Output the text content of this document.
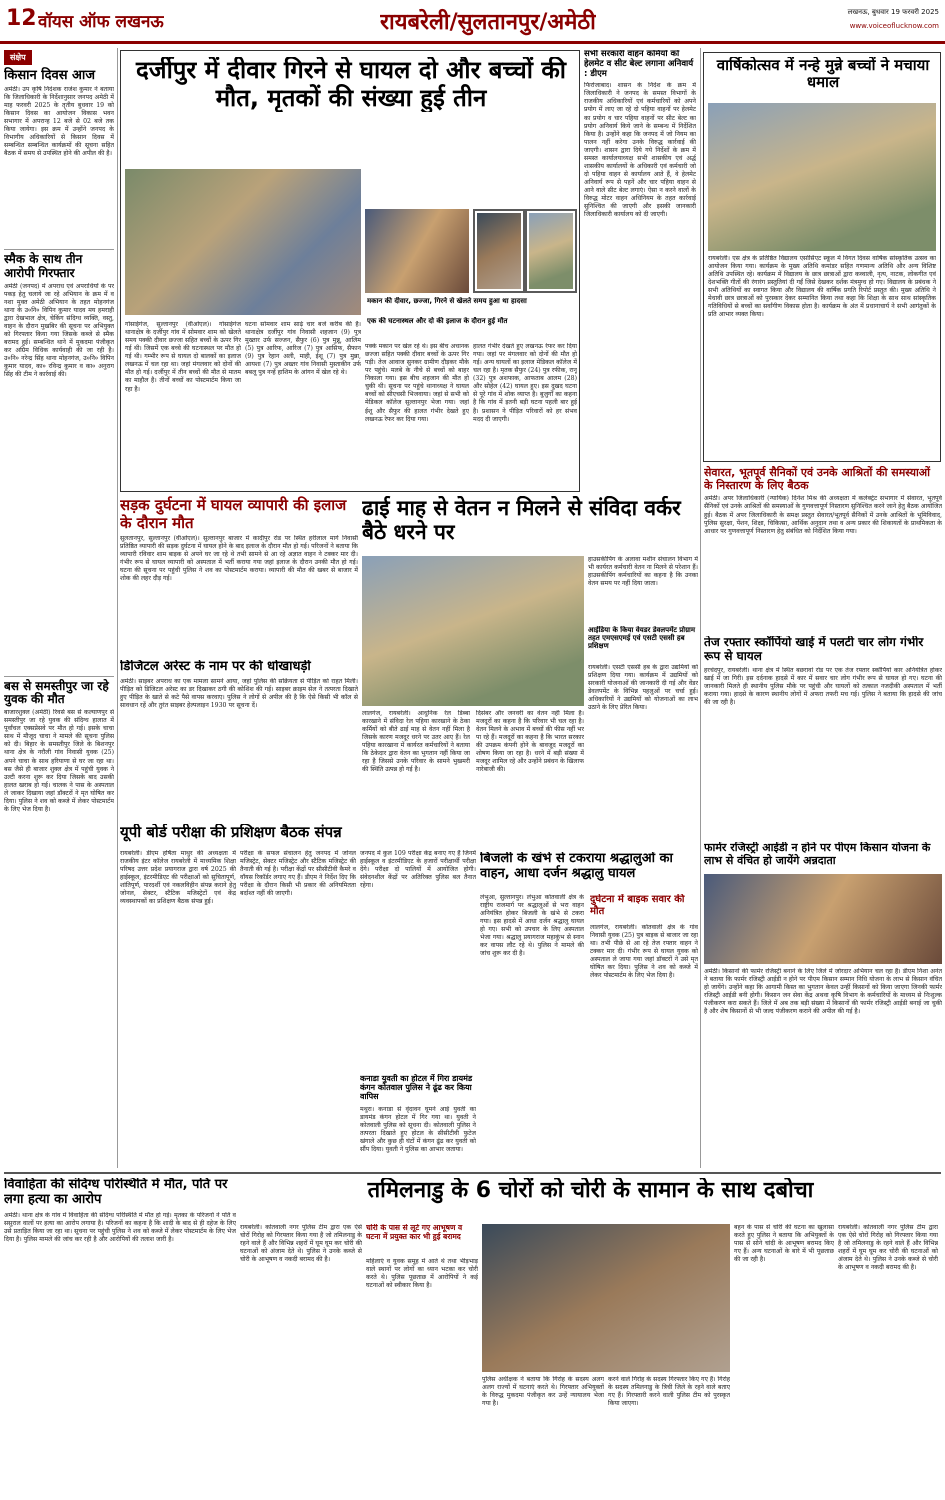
12 वॉयस ऑफ लखनऊ	रायबरेली/सुलतानपुर/अमेठी	लखनऊ, बुधवार 19 फरवरी 2025
www.voiceoflucknow.com
संक्षेप
किसान दिवस आज
अमेठी। उप कृषि निदेशक राजेश कुमार ने बताया कि जिलाधिकारी के निर्देशानुसार जनपद अमेठी में माह फरवरी 2025 के तृतीय बुधवार 19 को किसान दिवस का आयोजन विकास भवन सभागार में अपरान्ह 12 बजे से 02 बजे तक किया जायेगा। इस क्रम में उन्होंने जनपद के विभागीय अधिकारियों से किसान दिवस में सम्बन्धित सम्बन्धित कार्यक्रमों की सूचना सहित बैठक में समय से उपस्थित होने की अपील की है।
स्मैक के साथ तीन आरोपी गिरफ्तार
अमेठी (जनपद) में अपराध एवं अपराधियों के पर पकड़ हेतु चलाये जा रहे अभियान के क्रम में व नशा मुक्त अमेठी अभियान के तहत मोहनगंज थाना के उ०नि० विपिन कुमार यादव मय हमराही द्वारा देखभाल क्षेत्र, चेकिंग संदिग्ध व्यक्ति, वस्तु, वाहन के दौरान मुखबिर की सूचना पर अभियुक्त को गिरफ्तार किया गया जिसके कब्जे से स्मैक बरामद हुई। सम्बन्धित थाने में मुकदमा पंजीकृत कर अग्रिम विधिक कार्यवाही की जा रही है। उ०नि० नरेन्द्र सिंह थाना मोहनगंज, उ०नि० विपिन कुमार यादव, का० रविन्द्र कुमार व का० अनुराग सिंह की टीम ने कार्रवाई की।
बस से समस्तीपुर जा रहे युवक की मौत
बाजारशुक्ल (अमेठी) रिवर्स बस से कल्याणपुर से समस्तीपुर जा रहे युवक की संदिग्ध हालात में पूर्वांचल एक्सप्रेसवे पर मौत हो गई। इसके चाचा साथ में मौजूद चाचा ने मामले की सूचना पुलिस को दी। बिहार के समस्तीपुर जिले के बिशनपुर थाना क्षेत्र के नरौली गांव निवासी युवक (25) अपने चाचा के साथ हरियाणा से घर जा रहा था। बस जैसे ही बाजार शुक्ल क्षेत्र में पहुंची युवक ने उल्टी करना शुरू कर दिया जिसके बाद उसकी हालत खराब हो गई। चालक ने पास के अस्पताल ले जाकर दिखाया जहां डॉक्टरों ने मृत घोषित कर दिया। पुलिस ने शव को कब्जे में लेकर पोस्टमार्टम के लिए भेज दिया है।
दर्जीपुर में दीवार गिरने से घायल दो और बच्चों की मौत, मृतकों की संख्या हुई तीन
मकान की दीवार, छज्जा, गिरने से खेलते समय हुआ था हादसा
एक की घटनास्थल और दो की इलाज के दौरान हुई मौत
गोसाईगंज, सुल्तानपुर (वीओएल)। गोसाईगंज थानाक्षेत्र के दर्जीपुर गांव में सोमवार शाम को खेलते समय पक्की दीवार छज्जा सहित बच्चों के ऊपर गिर गई थी। जिसमें एक बच्चे की घटनास्थल पर मौत हो गई थी। गम्भीर रूप से घायल दो बालकों का इलाज लखनऊ में चल रहा था। जहां मंगलवार को दोनों की मौत हो गई। दर्जीपुर में तीन बच्चों की मौत से मातम का माहौल है। तीनों बच्चों का पोस्टमार्टम किया जा रहा है।
घटना सोमवार शाम साढ़े चार बजे करीब की है। थानाक्षेत्र दर्जीपुर गांव निवासी शहजान (9) पुत्र मुख्तार उर्फ सज्जन, सैफुर (6) पुत्र मुन्नू, आलिम (5) पुत्र आरिफ, आरिज (7) पुत्र आसिफ, सैफान (9) पुत्र रेहान अली, माही, ईशू (7) पुत्र मुन्ना, आयशा (7) पुत्र अख्तर गांव निवासी मुस्ताकीन उर्फ बबलू पुत्र नन्हें हाशिम के आंगन में खेल रहे थे।
पक्के मकान पर खेल रहे थे। इस बीच अचानक छज्जा सहित पक्की दीवार बच्चों के ऊपर गिर पड़ी। तेज आवाज सुनकर ग्रामीण दौड़कर मौके पर पहुंचे। मलबे के नीचे से बच्चों को बाहर निकाला गया। इस बीच शहजान की मौत हो चुकी थी। सूचना पर पहुंचे थानाध्यक्ष ने घायल बच्चों को सीएचसी भिजवाया। जहां से सभी को मेडिकल कॉलेज सुल्तानपुर भेजा गया। जहां ईशू और सैफुर की हालत गंभीर देखते हुए लखनऊ रेफर कर दिया गया।
हालत गंभीर देखते हुए लखनऊ रेफर कर दिया गया। जहां पर मंगलवार को दोनों की मौत हो गई। अन्य घायलों का इलाज मेडिकल कॉलेज में चल रहा है। मृतक सैफुर (24) पुत्र रफीक, रानू (32) पुत्र अशफाक, आफताब आलम (28) और सोहेल (42) घायल हुए। इस दुखद घटना से पूरे गांव में शोक व्याप्त है। बुजुर्गों का कहना है कि गांव में इतनी बड़ी घटना पहली बार हुई है। प्रशासन ने पीड़ित परिवारों को हर संभव मदद दी जाएगी।
सभी सरकारी वाहन कर्मियों को हेलमेट व सीट बेल्ट लगाना अनिवार्य : डीएम
फिरोजाबाद। शासन के निर्देश के क्रम में जिलाधिकारी ने जनपद के समस्त विभागों के राजकीय अधिकारियों एवं कर्मचारियों को अपने प्रयोग में लाए जा रहे दो पहिया वाहनों पर हेलमेट का प्रयोग व चार पहिया वाहनों पर सीट बेल्ट का प्रयोग अनिवार्य किये जाने के सम्बन्ध में निर्देशित किया है। उन्होंने कहा कि जनपद में जो नियम का पालन नहीं करेगा उनके विरुद्ध कार्रवाई की जाएगी। शासन द्वारा दिये गये निर्देशों के क्रम में समस्त कार्यालयाध्यक्ष सभी शासकीय एवं अर्द्ध शासकीय कार्यालयों के अधिकारी एवं कर्मचारी जो दो पहिया वाहन से कार्यालय आते हैं, वे हेलमेट अनिवार्य रूप से पहनें और चार पहिया वाहन से आने वाले सीट बेल्ट लगाएं। ऐसा न करने वालों के विरुद्ध मोटर वाहन अधिनियम के तहत कार्रवाई सुनिश्चित की जाएगी और इसकी जानकारी जिलाधिकारी कार्यालय को दी जाएगी।
वार्षिकोत्सव में नन्हे मुन्ने बच्चों ने मचाया धमाल
रायबरेली। एस क्षेत्र के प्रतिष्ठित विद्यालय एसोसिएट स्कूल में विगत दिवस वार्षिक सांस्कृतिक उत्सव का आयोजन किया गया। कार्यक्रम के मुख्य अतिथि कमांडर सहित गणमान्य अतिथि और अन्य विशिष्ट अतिथि उपस्थित रहे। कार्यक्रम में विद्यालय के छात्र छात्राओं द्वारा कव्वाली, नृत्य, नाटक, लोकगीत एवं देशभक्ति गीतों की रंगारंग प्रस्तुतियां दी गईं जिसे देखकर दर्शक मंत्रमुग्ध हो गए। विद्यालय के प्रबंधक ने सभी अतिथियों का स्वागत किया और विद्यालय की वार्षिक प्रगति रिपोर्ट प्रस्तुत की। मुख्य अतिथि ने मेधावी छात्र छात्राओं को पुरस्कार देकर सम्मानित किया तथा कहा कि शिक्षा के साथ साथ सांस्कृतिक गतिविधियों से बच्चों का सर्वांगीण विकास होता है। कार्यक्रम के अंत में प्रधानाचार्य ने सभी आगंतुकों के प्रति आभार व्यक्त किया।
सेवारत, भूतपूर्व सैनिकों एवं उनके आश्रितों की समस्याओं के निस्तारण के लिए बैठक
अमेठी। अपर जिलाधिकारी (न्यायिक) दिनेश मिश्र की अध्यक्षता में कलेक्ट्रेट सभागार में सेवारत, भूतपूर्व सैनिकों एवं उनके आश्रितों की समस्याओं के गुणवत्तापूर्ण निस्तारण सुनिश्चित करने जाने हेतु बैठक आयोजित हुई। बैठक में अपर जिलाधिकारी के समक्ष प्रस्तुत सेवारत/भूतपूर्व सैनिकों में उनके आश्रितों के भूमिविवाद, पुलिस सुरक्षा, पेंशन, शिक्षा, चिकित्सा, आर्थिक अनुदान तथा व अन्य प्रकार की शिकायतों के प्राथमिकता के आधार पर गुणवत्तापूर्ण निस्तारण हेतु संबंधित को निर्देशित किया गया।
तेज रफ्तार स्कॉर्पियो खाई में पलटी चार लोग गंभीर रूप से घायल
हरचंदपुर, रायबरेली। थाना क्षेत्र में स्थित बछरावां रोड पर एक तेज रफ्तार स्कॉर्पियो कार अनियंत्रित होकर खाई में जा गिरी। इस दर्दनाक हादसे में कार में सवार चार लोग गंभीर रूप से घायल हो गए। घटना की जानकारी मिलते ही स्थानीय पुलिस मौके पर पहुंची और घायलों को तत्काल नजदीकी अस्पताल में भर्ती कराया गया। हादसे के कारण स्थानीय लोगों में अफरा तफरी मच गई। पुलिस ने बताया कि हादसे की जांच की जा रही है।
फार्मर रजिस्ट्री आईडी न होने पर पीएम किसान योजना के लाभ से वंचित हो जायेंगे अन्नदाता
अमेठी। किसानों की फार्मर रजिस्ट्री बनाने के लिए जिले में जोरदार अभियान चल रहा है। डीएम निशा अनंत ने बताया कि फार्मर रजिस्ट्री आईडी न होने पर पीएम किसान सम्मान निधि योजना के लाभ से किसान वंचित हो जायेंगे। उन्होंने कहा कि आगामी किस्त का भुगतान केवल उन्हीं किसानों को किया जाएगा जिनकी फार्मर रजिस्ट्री आईडी बनी होगी। किसान जन सेवा केंद्र अथवा कृषि विभाग के कर्मचारियों के माध्यम से निःशुल्क पंजीकरण करा सकते हैं। जिले में अब तक बड़ी संख्या में किसानों की फार्मर रजिस्ट्री आईडी बनाई जा चुकी है और शेष किसानों से भी जल्द पंजीकरण कराने की अपील की गई है।
सड़क दुर्घटना में घायल व्यापारी की इलाज के दौरान मौत
सुलतानपुर, सुल्तानपुर (वीओएल)। सुल्तानपुर बाजार में कादीपुर रोड पर स्थित हरीलाल मार्ग निवासी प्रतिष्ठित व्यापारी की सड़क दुर्घटना में घायल होने के बाद इलाज के दौरान मौत हो गई। परिजनों ने बताया कि व्यापारी रविवार शाम बाइक से अपने घर जा रहे थे तभी सामने से आ रहे अज्ञात वाहन ने टक्कर मार दी। गंभीर रूप से घायल व्यापारी को अस्पताल में भर्ती कराया गया जहां इलाज के दौरान उनकी मौत हो गई। घटना की सूचना पर पहुंची पुलिस ने शव का पोस्टमार्टम कराया। व्यापारी की मौत की खबर से बाजार में शोक की लहर दौड़ गई।
डिजिटल अरेस्ट के नाम पर की धोखाधड़ी
अमेठी। साइबर अपराध का एक मामला सामने आया, जहां पुलिस की सक्रियता से पीड़ित को राहत मिली। पीड़ित को डिजिटल अरेस्ट का डर दिखाकर ठगी की कोशिश की गई। साइबर क्राइम सेल ने तत्परता दिखाते हुए पीड़ित के खाते से कटे पैसे वापस करवाए। पुलिस ने लोगों से अपील की है कि ऐसे किसी भी कॉल से सावधान रहें और तुरंत साइबर हेल्पलाइन 1930 पर सूचना दें।
ढाई माह से वेतन न मिलने से संविदा वर्कर बैठे धरने पर
लालगंज, रायबरेली। आधुनिक रेल डिब्बा कारखाने में संविदा रेल पहिया कारखाने के ठेका कर्मियों को बीते ढाई माह से वेतन नहीं मिला है जिसके कारण मजदूर धरने पर उतर आए हैं। रेल पहिया कारखाना में कार्यरत कर्मचारियों ने बताया कि ठेकेदार द्वारा वेतन का भुगतान नहीं किया जा रहा है जिससे उनके परिवार के सामने भुखमरी की स्थिति उत्पन्न हो गई है।
दिसंबर और जनवरी का वेतन नहीं मिला है। मजदूरों का कहना है कि परिवार भी चल रहा है। वेतन मिलने के अभाव में बच्चों की फीस नहीं भर पा रहे हैं। मजदूरों का कहना है कि भारत सरकार की उपक्रम कंपनी होने के बावजूद मजदूरों का शोषण किया जा रहा है। धरने में बड़ी संख्या में मजदूर शामिल रहे और उन्होंने प्रबंधन के खिलाफ नारेबाजी की।
हाउसकीपिंग के अलावा मशीन संचालन विभाग में भी कार्यरत कर्मचारी वेतन ना मिलने से परेशान हैं। हाउसकीपिंग कर्मचारियों का कहना है कि उनका वेतन समय पर नहीं दिया जाता।
आईडिया के किया वेयडर डेवलपमेंट प्रोग्राम तहत एमएसएमई एवं एसटी एससी हब प्रशिक्षण
रायबरेली। एसटी एससी हब के द्वारा उद्यमियों को प्रशिक्षण दिया गया। कार्यक्रम में उद्यमियों को सरकारी योजनाओं की जानकारी दी गई और वेंडर डेवलपमेंट के विभिन्न पहलुओं पर चर्चा हुई। अधिकारियों ने उद्यमियों को योजनाओं का लाभ उठाने के लिए प्रेरित किया।
यूपी बोर्ड परीक्षा की प्रशिक्षण बैठक संपन्न
रायबरेली। डीएम हर्षिता माथुर की अध्यक्षता में राजकीय इंटर कॉलेज रायबरेली में माध्यमिक शिक्षा परिषद उत्तर प्रदेश प्रयागराज द्वारा वर्ष 2025 की हाईस्कूल, इंटरमीडिएट की परीक्षाओं को सुचितापूर्ण, शांतिपूर्ण, पारदर्शी एवं नकलविहीन संपन्न कराने हेतु जोनल, सेक्टर, स्टैटिक मजिस्ट्रेटों एवं केंद्र व्यवस्थापकों का प्रशिक्षण बैठक संपन्न हुई।
परीक्षा के सफल संचालन हेतु जनपद में जोनल मजिस्ट्रेट, सेक्टर मजिस्ट्रेट और स्टैटिक मजिस्ट्रेट की तैनाती की गई है। परीक्षा केंद्रों पर सीसीटीवी कैमरे व वॉयस रिकॉर्डर लगाए गए हैं। डीएम ने निर्देश दिए कि परीक्षा के दौरान किसी भी प्रकार की अनियमितता बर्दाश्त नहीं की जाएगी।
जनपद में कुल 109 परीक्षा केंद्र बनाए गए हैं जिनमें हाईस्कूल व इंटरमीडिएट के हजारों परीक्षार्थी परीक्षा देंगे। परीक्षा दो पालियों में आयोजित होगी। संवेदनशील केंद्रों पर अतिरिक्त पुलिस बल तैनात रहेगा।
कनाडा युवती का होटल में गिरा डायमंड कंगन कोतवाल पुलिस ने ढूंढ कर किया वापिस
मथुरा। कनाडा से वृंदावन घूमने आई युवती का डायमंड कंगन होटल में गिर गया था। युवती ने कोतवाली पुलिस को सूचना दी। कोतवाली पुलिस ने तत्परता दिखाते हुए होटल के सीसीटीवी फुटेज खंगाले और कुछ ही घंटों में कंगन ढूंढ कर युवती को सौंप दिया। युवती ने पुलिस का आभार जताया।
बिजली के खंभे से टकराया श्रद्धालुओं का वाहन, आधा दर्जन श्रद्धालु घायल
लंभुआ, सुल्तानपुर। लंभुआ कोतवाली क्षेत्र के राष्ट्रीय राजमार्ग पर श्रद्धालुओं से भरा वाहन अनियंत्रित होकर बिजली के खंभे से टकरा गया। इस हादसे में आधा दर्जन श्रद्धालु घायल हो गए। सभी को उपचार के लिए अस्पताल भेजा गया। श्रद्धालु प्रयागराज महाकुंभ से स्नान कर वापस लौट रहे थे। पुलिस ने मामले की जांच शुरू कर दी है।
दुर्घटना में बाइक सवार की मौत
लालगंज, रायबरेली। कोतवाली क्षेत्र के गांव निवासी युवक (25) पुत्र बाइक से बाजार जा रहा था। तभी पीछे से आ रहे तेज रफ्तार वाहन ने टक्कर मार दी। गंभीर रूप से घायल युवक को अस्पताल ले जाया गया जहां डॉक्टरों ने उसे मृत घोषित कर दिया। पुलिस ने शव को कब्जे में लेकर पोस्टमार्टम के लिए भेज दिया है।
विवाहिता की संदिग्ध परिस्थिति में मौत, पति पर लगा हत्या का आरोप
अमेठी। थाना क्षेत्र के गांव में विवाहिता की संदिग्ध परिस्थिति में मौत हो गई। मृतका के परिजनों ने पति व ससुराल वालों पर हत्या का आरोप लगाया है। परिजनों का कहना है कि शादी के बाद से ही दहेज के लिए उसे प्रताड़ित किया जा रहा था। सूचना पर पहुंची पुलिस ने शव को कब्जे में लेकर पोस्टमार्टम के लिए भेज दिया है। पुलिस मामले की जांच कर रही है और आरोपियों की तलाश जारी है।
तमिलनाडु के 6 चोरों को चोरी के सामान के साथ दबोचा
रायबरेली। कोतवाली नगर पुलिस टीम द्वारा एक ऐसे चोरों गिरोह को गिरफ्तार किया गया है जो तमिलनाडु के रहने वाले हैं और विभिन्न शहरों में घूम घूम कर चोरी की घटनाओं को अंजाम देते थे। पुलिस ने उनके कब्जे से चोरी के आभूषण व नकदी बरामद की है।
चोरी के पास से लूटे गए आभूषण व घटना में प्रयुक्त कार भी हुई बरामद
महिलाएं व युवक समूह में आते थे तथा भीड़भाड़ वाले स्थानों पर लोगों का ध्यान भटका कर चोरी करते थे। पुलिस पूछताछ में आरोपियों ने कई घटनाओं को स्वीकार किया है।
पुलिस अधीक्षक ने बताया कि गिरोह के सदस्य अलग अलग राज्यों में घटनाएं करते थे। गिरफ्तार अभियुक्तों के विरुद्ध मुकदमा पंजीकृत कर उन्हें न्यायालय भेजा गया है।
करने वाले गिरोह के सदस्य गिरफ्तार किए गए हैं। गिरोह के सदस्य तमिलनाडु के त्रिची जिले के रहने वाले बताए गए हैं। गिरफ्तारी करने वाली पुलिस टीम को पुरस्कृत किया जाएगा।
बहन के पास से चोरी की घटना का खुलासा करते हुए पुलिस ने बताया कि अभियुक्तों के पास से सोने चांदी के आभूषण बरामद किए गए हैं। अन्य घटनाओं के बारे में भी पूछताछ की जा रही है।
रायबरेली। कोतवाली नगर पुलिस टीम द्वारा एक ऐसे चोरों गिरोह को गिरफ्तार किया गया है जो तमिलनाडु के रहने वाले हैं और विभिन्न शहरों में घूम घूम कर चोरी की घटनाओं को अंजाम देते थे। पुलिस ने उनके कब्जे से चोरी के आभूषण व नकदी बरामद की है।
